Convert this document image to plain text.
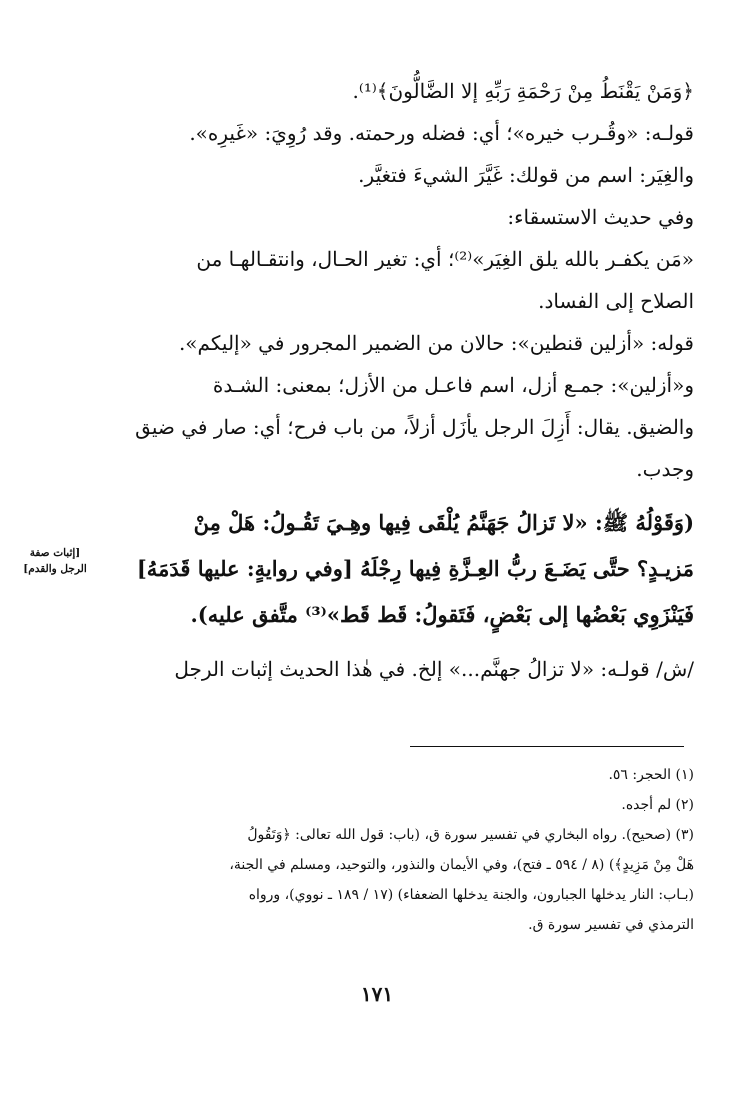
﴿وَمَنْ يَقْنَطُ مِنْ رَحْمَةِ رَبِّهِ إلا الضَّالُّونَ﴾⁽¹⁾.
قولـه: «وقُـرب خيره»؛ أي: فضله ورحمته. وقد رُوِيَ: «غَيرِه».
والغِيَر: اسم من قولك: غَيَّرَ الشيءَ فتغيَّر.
وفي حديث الاستسقاء:
«مَن يكفـر بالله يلق الغِيَر»⁽²⁾؛ أي: تغير الحـال، وانتقـالهـا من
الصلاح إلى الفساد.
قوله: «أزلين قنطين»: حالان من الضمير المجرور في «إليكم».
و«أزلين»: جمـع أزل، اسم فاعـل من الأزل؛ بمعنى: الشـدة
والضيق. يقال: أَزِلَ الرجل يأزَل أزلاً، من باب فرح؛ أي: صار في ضيق
وجدب.
(وَقَوْلُهُ ﷺ: «لا تَزالُ جَهَنَّمُ يُلْقَى فِيها وهِـيَ تَقُـولُ: هَلْ مِنْ
مَزيـدٍ؟ حتَّى يَضَـعَ ربُّ العِـزَّةِ فِيها رِجْلَهُ [وفي روايةٍ: عليها قَدَمَهُ]
فَيَنْزَوِي بَعْضُها إلى بَعْضٍ، فَتَقولُ: قَط قَط»⁽³⁾ متَّفق عليه).
/ش/ قولـه: «لا تزالُ جهنَّم...» إلخ. في هٰذا الحديث إثبات الرجل
[إثبات صفة
الرجل والقدم]
(١) الحجر: ٥٦.
(٢) لم أجده.
(٣) (صحيح). رواه البخاري في تفسير سورة ق، (باب: قول الله تعالى: ﴿وَتَقُولُ
هَلْ مِنْ مَزِيدٍ﴾) (٨ / ٥٩٤ ـ فتح)، وفي الأيمان والنذور، والتوحيد، ومسلم في الجنة،
(بـاب: النار يدخلها الجبارون، والجنة يدخلها الضعفاء) (١٧ / ١٨٩ ـ نووي)، ورواه
الترمذي في تفسير سورة ق.
١٧١
